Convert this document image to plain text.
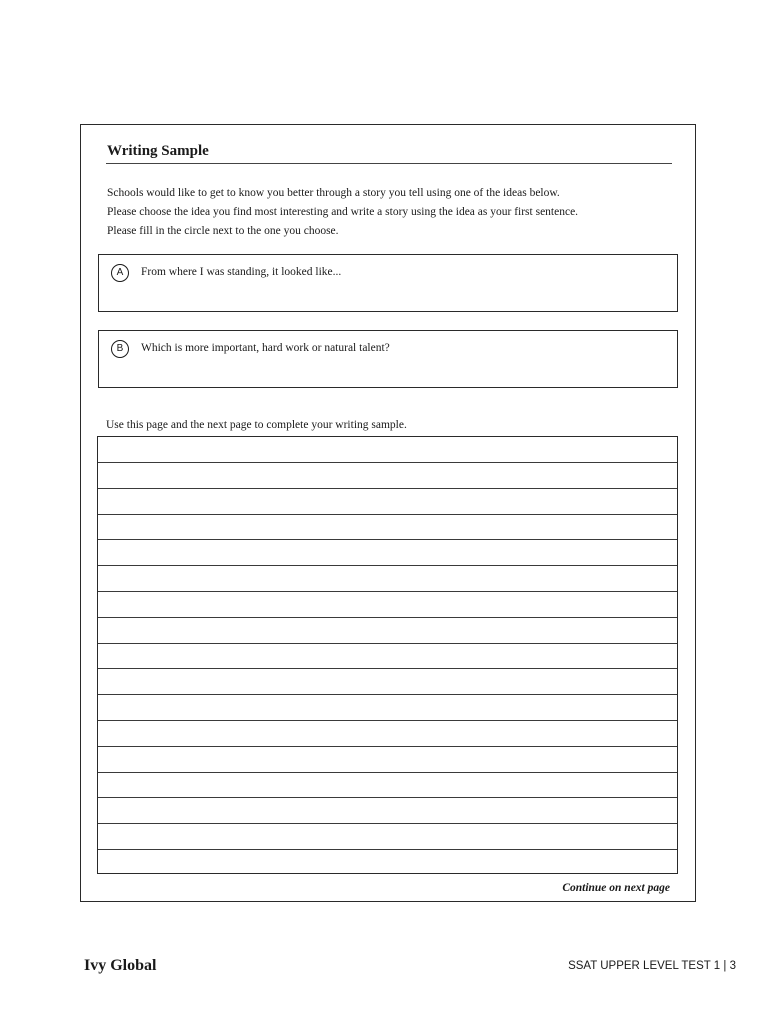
Writing Sample
Schools would like to get to know you better through a story you tell using one of the ideas below.
Please choose the idea you find most interesting and write a story using the idea as your first sentence.
Please fill in the circle next to the one you choose.
A	From where I was standing, it looked like...
B	Which is more important, hard work or natural talent?
Use this page and the next page to complete your writing sample.
Continue on next page
Ivy Global	SSAT UPPER LEVEL TEST 1 | 3
